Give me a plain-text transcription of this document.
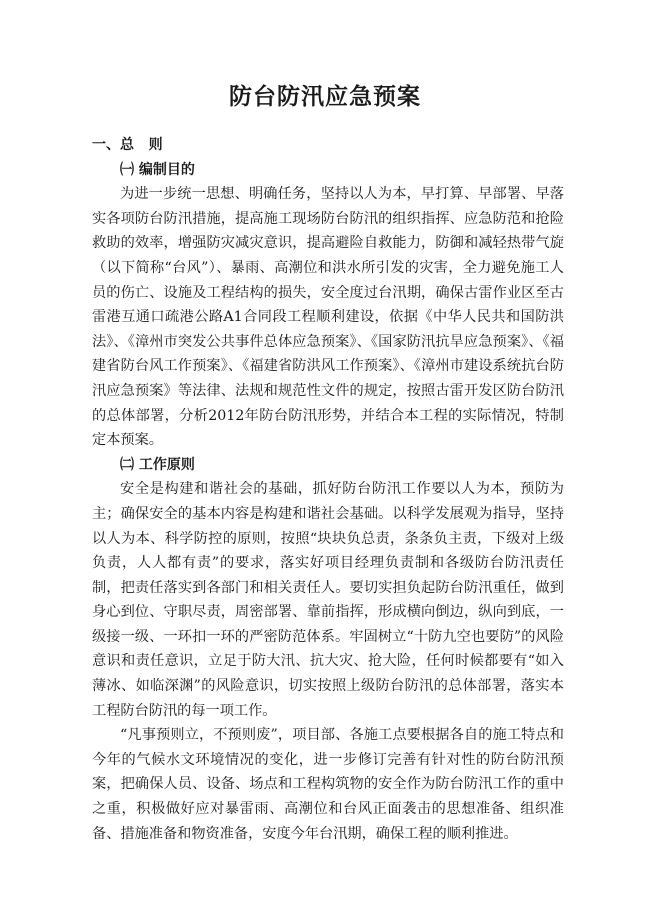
防台防汛应急预案
一、总   则
㈠ 编制目的

为进一步统一思想、明确任务，坚持以人为本，早打算、早部署、早落实各项防台防汛措施，提高施工现场防台防汛的组织指挥、应急防范和抢险救助的效率，增强防灾减灾意识，提高避险自救能力，防御和减轻热带气旋（以下简称“台风”）、暴雨、高潮位和洪水所引发的灾害，全力避免施工人员的伤亡、设施及工程结构的损失，安全度过台汛期，确保古雷作业区至古雷港互通口疏港公路A1合同段工程顺利建设，依据《中华人民共和国防洪法》、《漳州市突发公共事件总体应急预案》、《国家防汛抗旱应急预案》、《福建省防台风工作预案》、《福建省防洪风工作预案》、《漳州市建设系统抗台防汛应急预案》等法律、法规和规范性文件的规定，按照古雷开发区防台防汛的总体部署，分析2012年防台防汛形势，并结合本工程的实际情况，特制定本预案。

㈡ 工作原则

安全是构建和谐社会的基础，抓好防台防汛工作要以人为本，预防为主；确保安全的基本内容是构建和谐社会基础。以科学发展观为指导，坚持以人为本、科学防控的原则，按照“块块负总责，条条负主责，下级对上级负责，人人都有责”的要求，落实好项目经理负责制和各级防台防汛责任制，把责任落实到各部门和相关责任人。要切实担负起防台防汛重任，做到身心到位、守职尽责，周密部署、靠前指挥，形成横向倒边，纵向到底，一级接一级、一环扣一环的严密防范体系。牢固树立“十防九空也要防”的风险意识和责任意识，立足于防大汛、抗大灾、抢大险，任何时候都要有“如入薄冰、如临深渊”的风险意识，切实按照上级防台防汛的总体部署，落实本工程防台防汛的每一项工作。

“凡事预则立，不预则废”，项目部、各施工点要根据各自的施工特点和今年的气候水文环境情况的变化，进一步修订完善有针对性的防台防汛预案，把确保人员、设备、场点和工程构筑物的安全作为防台防汛工作的重中之重，积极做好应对暴雷雨、高潮位和台风正面袭击的思想准备、组织准备、措施准备和物资准备，安度今年台汛期，确保工程的顺利推进。
